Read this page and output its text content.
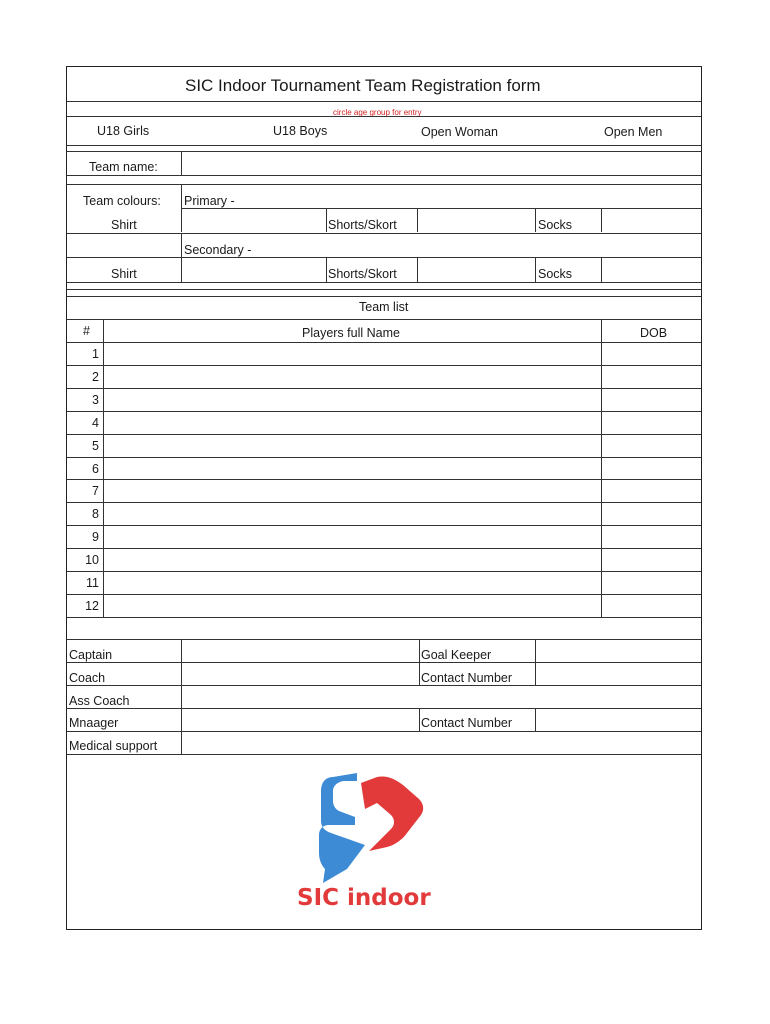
SIC Indoor Tournament Team Registration form
circle age group for entry
U18 Girls	U18 Boys	Open Woman	Open Men
Team name:
Team colours: Primary -
Shirt	Shorts/Skort	Socks
Secondary -
Shirt	Shorts/Skort	Socks
Team list
#	Players full Name	DOB
1
2
3
4
5
6
7
8
9
10
11
12
Captain	Goal Keeper
Coach	Contact Number
Ass Coach
Mnaager	Contact Number
Medical support
SIC indoor
